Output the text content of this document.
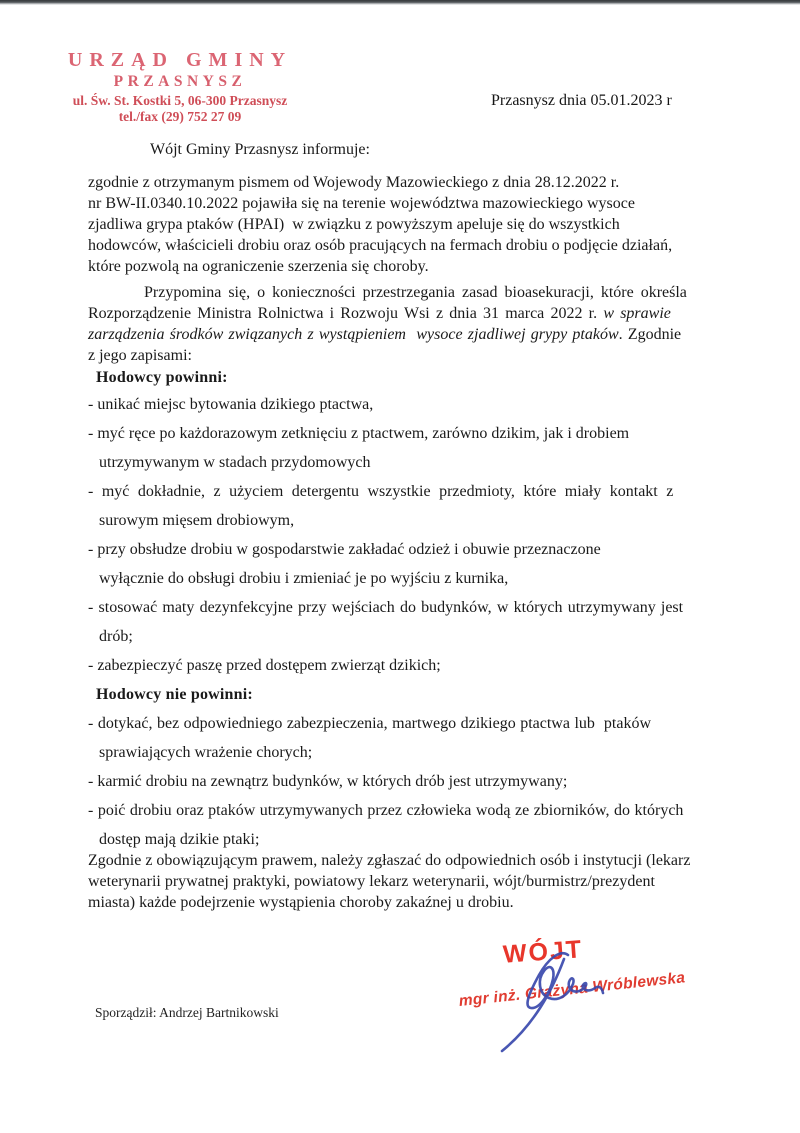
URZĄD GMINY
PRZASNYSZ
ul. Św. St. Kostki 5, 06-300 Przasnysz
tel./fax (29) 752 27 09
Przasnysz dnia 05.01.2023 r

Wójt Gminy Przasnysz informuje:

zgodnie z otrzymanym pismem od Wojewody Mazowieckiego z dnia 28.12.2022 r.
nr BW-II.0340.10.2022 pojawiła się na terenie województwa mazowieckiego wysoce
zjadliwa grypa ptaków (HPAI)  w związku z powyższym apeluje się do wszystkich
hodowców, właścicieli drobiu oraz osób pracujących na fermach drobiu o podjęcie działań,
które pozwolą na ograniczenie szerzenia się choroby.
Przypomina się, o konieczności przestrzegania zasad bioasekuracji, które określa
Rozporządzenie Ministra Rolnictwa i Rozwoju Wsi z dnia 31 marca 2022 r. w sprawie
zarządzenia środków związanych z wystąpieniem  wysoce zjadliwej grypy ptaków. Zgodnie
z jego zapisami:
Hodowcy powinni:
- unikać miejsc bytowania dzikiego ptactwa,
- myć ręce po każdorazowym zetknięciu z ptactwem, zarówno dzikim, jak i drobiem
utrzymywanym w stadach przydomowych
- myć dokładnie, z użyciem detergentu wszystkie przedmioty, które miały kontakt z
surowym mięsem drobiowym,
- przy obsłudze drobiu w gospodarstwie zakładać odzież i obuwie przeznaczone
wyłącznie do obsługi drobiu i zmieniać je po wyjściu z kurnika,
- stosować maty dezynfekcyjne przy wejściach do budynków, w których utrzymywany jest
drób;
- zabezpieczyć paszę przed dostępem zwierząt dzikich;
Hodowcy nie powinni:
- dotykać, bez odpowiedniego zabezpieczenia, martwego dzikiego ptactwa lub  ptaków
sprawiających wrażenie chorych;
- karmić drobiu na zewnątrz budynków, w których drób jest utrzymywany;
- poić drobiu oraz ptaków utrzymywanych przez człowieka wodą ze zbiorników, do których
dostęp mają dzikie ptaki;
Zgodnie z obowiązującym prawem, należy zgłaszać do odpowiednich osób i instytucji (lekarz
weterynarii prywatnej praktyki, powiatowy lekarz weterynarii, wójt/burmistrz/prezydent
miasta) każde podejrzenie wystąpienia choroby zakaźnej u drobiu.
WÓJT
mgr inż. Grażyna Wróblewska
Sporządził: Andrzej Bartnikowski
